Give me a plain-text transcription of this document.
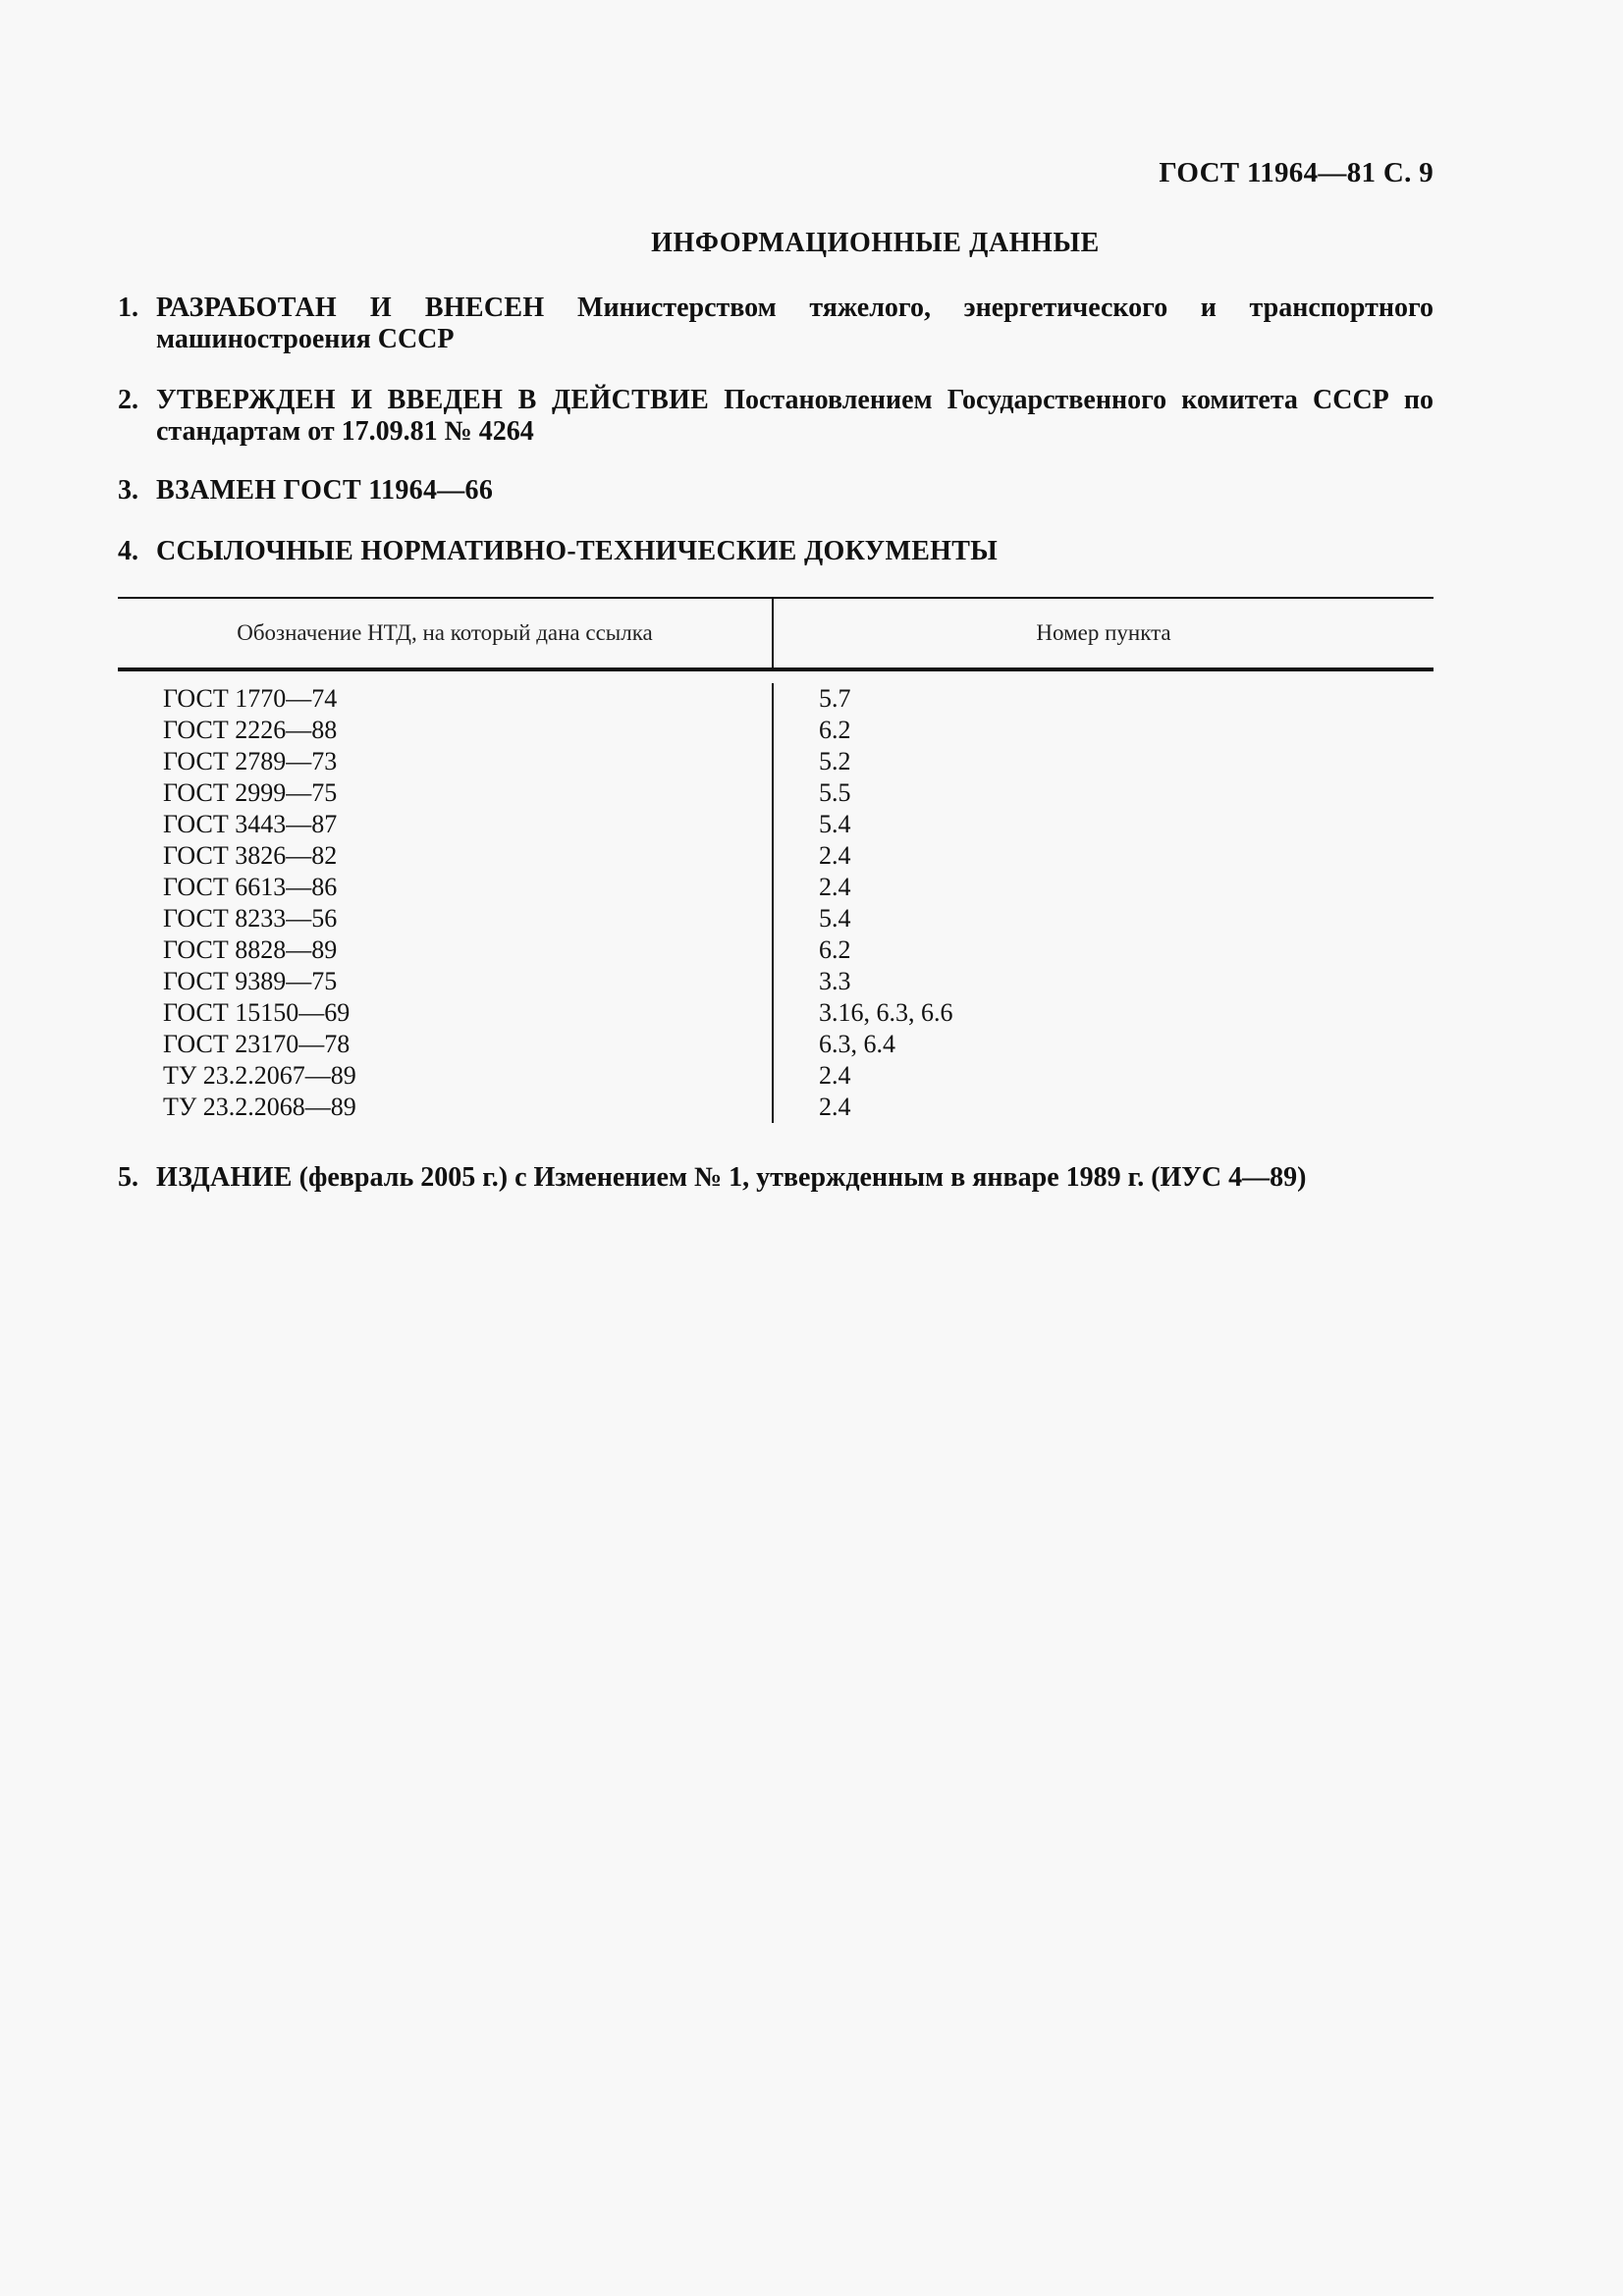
ГОСТ 11964—81 С. 9
ИНФОРМАЦИОННЫЕ ДАННЫЕ
1. РАЗРАБОТАН И ВНЕСЕН Министерством тяжелого, энергетического и транспортного машиностроения СССР
2. УТВЕРЖДЕН И ВВЕДЕН В ДЕЙСТВИЕ Постановлением Государственного комитета СССР по стандартам от 17.09.81 № 4264
3. ВЗАМЕН ГОСТ 11964—66
4. ССЫЛОЧНЫЕ НОРМАТИВНО-ТЕХНИЧЕСКИЕ ДОКУМЕНТЫ
5. ИЗДАНИЕ (февраль 2005 г.) с Изменением № 1, утвержденным в январе 1989 г. (ИУС 4—89)
Обозначение НТД, на который дана ссылка	Номер пункта
ГОСТ 1770—74
ГОСТ 2226—88
ГОСТ 2789—73
ГОСТ 2999—75
ГОСТ 3443—87
ГОСТ 3826—82
ГОСТ 6613—86
ГОСТ 8233—56
ГОСТ 8828—89
ГОСТ 9389—75
ГОСТ 15150—69
ГОСТ 23170—78
ТУ 23.2.2067—89
ТУ 23.2.2068—89
5.7
6.2
5.2
5.5
5.4
2.4
2.4
5.4
6.2
3.3
3.16, 6.3, 6.6
6.3, 6.4
2.4
2.4
